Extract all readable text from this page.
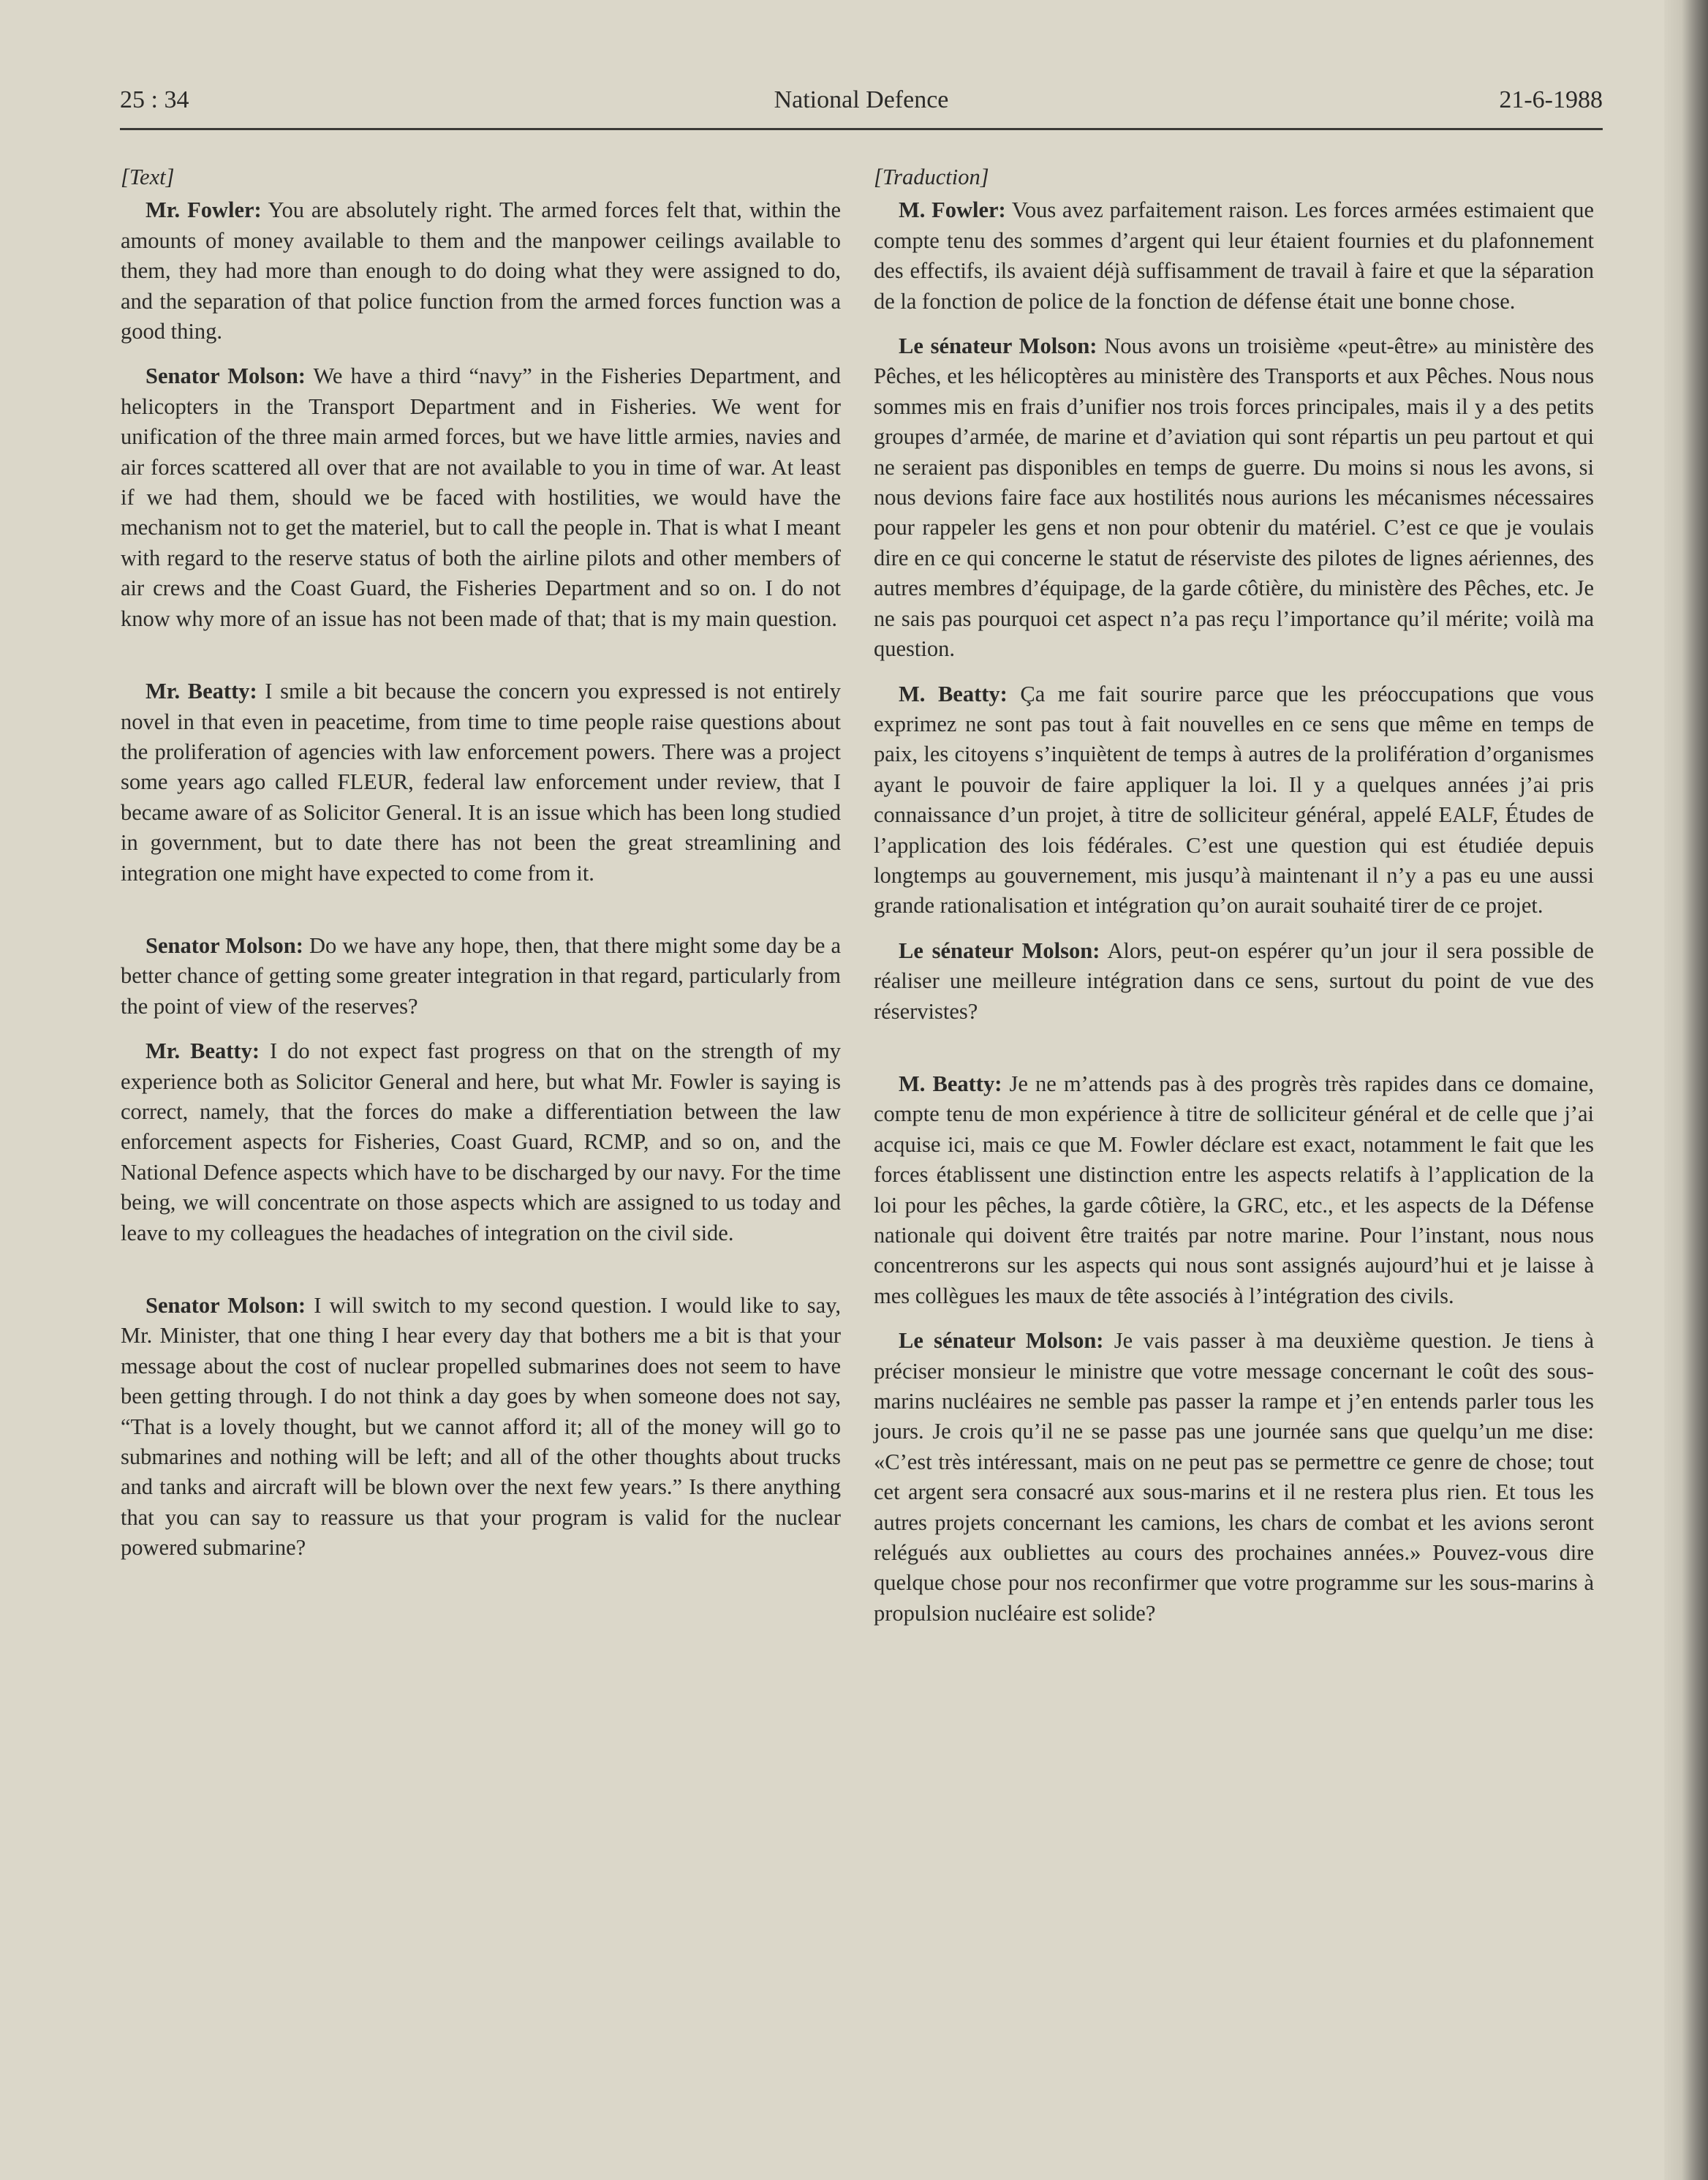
25 : 34	National Defence	21-6-1988

[Text]

Mr. Fowler: You are absolutely right. The armed forces felt that, within the amounts of money available to them and the manpower ceilings available to them, they had more than enough to do doing what they were assigned to do, and the separation of that police function from the armed forces function was a good thing.

Senator Molson: We have a third “navy” in the Fisheries Department, and helicopters in the Transport Department and in Fisheries. We went for unification of the three main armed forces, but we have little armies, navies and air forces scattered all over that are not available to you in time of war. At least if we had them, should we be faced with hostilities, we would have the mechanism not to get the materiel, but to call the people in. That is what I meant with regard to the reserve status of both the airline pilots and other members of air crews and the Coast Guard, the Fisheries Department and so on. I do not know why more of an issue has not been made of that; that is my main question.

Mr. Beatty: I smile a bit because the concern you expressed is not entirely novel in that even in peacetime, from time to time people raise questions about the proliferation of agencies with law enforcement powers. There was a project some years ago called FLEUR, federal law enforcement under review, that I became aware of as Solicitor General. It is an issue which has been long studied in government, but to date there has not been the great streamlining and integration one might have expected to come from it.

Senator Molson: Do we have any hope, then, that there might some day be a better chance of getting some greater integration in that regard, particularly from the point of view of the reserves?

Mr. Beatty: I do not expect fast progress on that on the strength of my experience both as Solicitor General and here, but what Mr. Fowler is saying is correct, namely, that the forces do make a differentiation between the law enforcement aspects for Fisheries, Coast Guard, RCMP, and so on, and the National Defence aspects which have to be discharged by our navy. For the time being, we will concentrate on those aspects which are assigned to us today and leave to my colleagues the headaches of integration on the civil side.

Senator Molson: I will switch to my second question. I would like to say, Mr. Minister, that one thing I hear every day that bothers me a bit is that your message about the cost of nuclear propelled submarines does not seem to have been getting through. I do not think a day goes by when someone does not say, “That is a lovely thought, but we cannot afford it; all of the money will go to submarines and nothing will be left; and all of the other thoughts about trucks and tanks and aircraft will be blown over the next few years.” Is there anything that you can say to reassure us that your program is valid for the nuclear powered submarine?

[Traduction]

M. Fowler: Vous avez parfaitement raison. Les forces armées estimaient que compte tenu des sommes d’argent qui leur étaient fournies et du plafonnement des effectifs, ils avaient déjà suffisamment de travail à faire et que la séparation de la fonction de police de la fonction de défense était une bonne chose.

Le sénateur Molson: Nous avons un troisième «peut-être» au ministère des Pêches, et les hélicoptères au ministère des Transports et aux Pêches. Nous nous sommes mis en frais d’unifier nos trois forces principales, mais il y a des petits groupes d’armée, de marine et d’aviation qui sont répartis un peu partout et qui ne seraient pas disponibles en temps de guerre. Du moins si nous les avons, si nous devions faire face aux hostilités nous aurions les mécanismes nécessaires pour rappeler les gens et non pour obtenir du matériel. C’est ce que je voulais dire en ce qui concerne le statut de réserviste des pilotes de lignes aériennes, des autres membres d’équipage, de la garde côtière, du ministère des Pêches, etc. Je ne sais pas pourquoi cet aspect n’a pas reçu l’importance qu’il mérite; voilà ma question.

M. Beatty: Ça me fait sourire parce que les préoccupations que vous exprimez ne sont pas tout à fait nouvelles en ce sens que même en temps de paix, les citoyens s’inquiètent de temps à autres de la prolifération d’organismes ayant le pouvoir de faire appliquer la loi. Il y a quelques années j’ai pris connaissance d’un projet, à titre de solliciteur général, appelé EALF, Études de l’application des lois fédérales. C’est une question qui est étudiée depuis longtemps au gouvernement, mis jusqu’à maintenant il n’y a pas eu une aussi grande rationalisation et intégration qu’on aurait souhaité tirer de ce projet.

Le sénateur Molson: Alors, peut-on espérer qu’un jour il sera possible de réaliser une meilleure intégration dans ce sens, surtout du point de vue des réservistes?

M. Beatty: Je ne m’attends pas à des progrès très rapides dans ce domaine, compte tenu de mon expérience à titre de solliciteur général et de celle que j’ai acquise ici, mais ce que M. Fowler déclare est exact, notamment le fait que les forces établissent une distinction entre les aspects relatifs à l’application de la loi pour les pêches, la garde côtière, la GRC, etc., et les aspects de la Défense nationale qui doivent être traités par notre marine. Pour l’instant, nous nous concentrerons sur les aspects qui nous sont assignés aujourd’hui et je laisse à mes collègues les maux de tête associés à l’intégration des civils.

Le sénateur Molson: Je vais passer à ma deuxième question. Je tiens à préciser monsieur le ministre que votre message concernant le coût des sous-marins nucléaires ne semble pas passer la rampe et j’en entends parler tous les jours. Je crois qu’il ne se passe pas une journée sans que quelqu’un me dise: «C’est très intéressant, mais on ne peut pas se permettre ce genre de chose; tout cet argent sera consacré aux sous-marins et il ne restera plus rien. Et tous les autres projets concernant les camions, les chars de combat et les avions seront relégués aux oubliettes au cours des prochaines années.» Pouvez-vous dire quelque chose pour nos reconfirmer que votre programme sur les sous-marins à propulsion nucléaire est solide?
